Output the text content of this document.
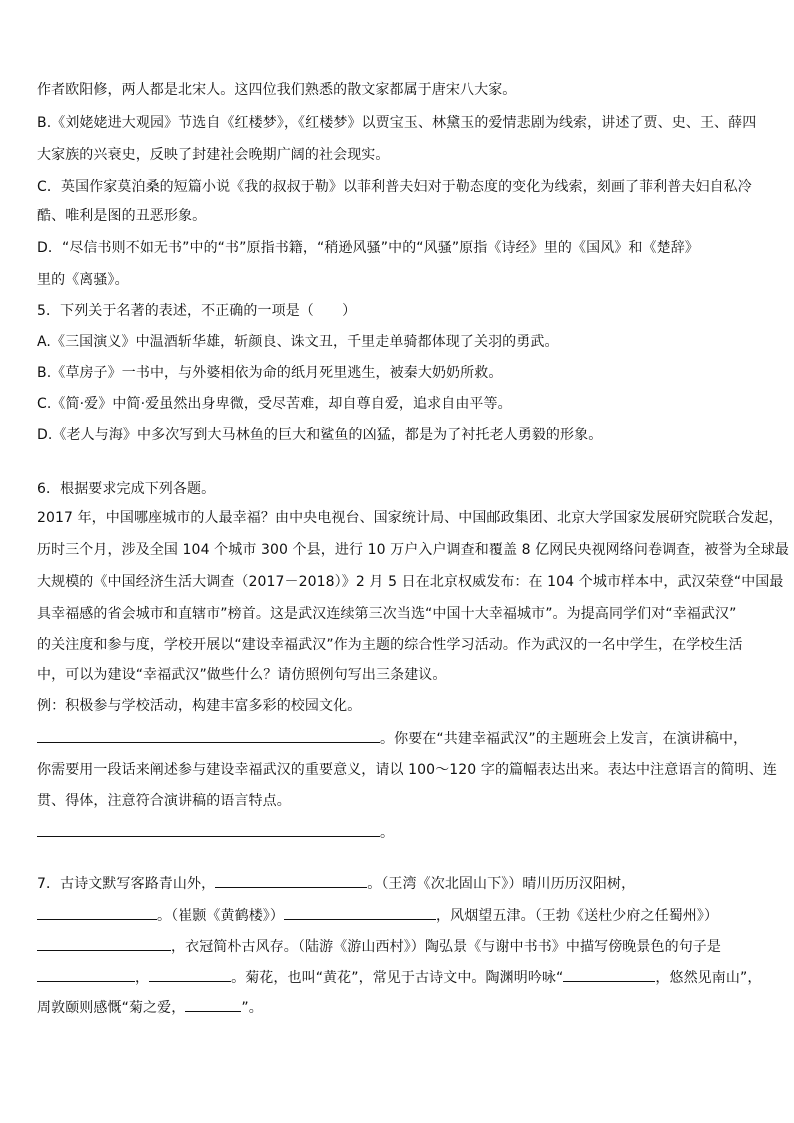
作者欧阳修，两人都是北宋人。这四位我们熟悉的散文家都属于唐宋八大家。
B.《刘姥姥进大观园》节选自《红楼梦》，《红楼梦》以贾宝玉、林黛玉的爱情悲剧为线索，讲述了贾、史、王、薛四
大家族的兴衰史，反映了封建社会晚期广阔的社会现实。
C．英国作家莫泊桑的短篇小说《我的叔叔于勒》以菲利普夫妇对于勒态度的变化为线索，刻画了菲利普夫妇自私冷
酷、唯利是图的丑恶形象。
D．“尽信书则不如无书”中的“书”原指书籍，“稍逊风骚”中的“风骚”原指《诗经》里的《国风》和《楚辞》
里的《离骚》。
5．下列关于名著的表述，不正确的一项是（　　）
A.《三国演义》中温酒斩华雄，斩颜良、诛文丑，千里走单骑都体现了关羽的勇武。
B.《草房子》一书中，与外婆相依为命的纸月死里逃生，被秦大奶奶所救。
C.《简·爱》中简·爱虽然出身卑微，受尽苦难，却自尊自爱，追求自由平等。
D.《老人与海》中多次写到大马林鱼的巨大和鲨鱼的凶猛，都是为了衬托老人勇毅的形象。
6．根据要求完成下列各题。
2017 年，中国哪座城市的人最幸福？由中央电视台、国家统计局、中国邮政集团、北京大学国家发展研究院联合发起，
历时三个月，涉及全国 104 个城市 300 个县，进行 10 万户入户调查和覆盖 8 亿网民央视网络问卷调查，被誉为全球最
大规模的《中国经济生活大调查（2017－2018）》2 月 5 日在北京权威发布：在 104 个城市样本中，武汉荣登“中国最
具幸福感的省会城市和直辖市”榜首。这是武汉连续第三次当选“中国十大幸福城市”。为提高同学们对“幸福武汉”
的关注度和参与度，学校开展以“建设幸福武汉”作为主题的综合性学习活动。作为武汉的一名中学生，在学校生活
中，可以为建设“幸福武汉”做些什么？请仿照例句写出三条建议。
例：积极参与学校活动，构建丰富多彩的校园文化。
。你要在“共建幸福武汉”的主题班会上发言，在演讲稿中，
你需要用一段话来阐述参与建设幸福武汉的重要意义，请以 100～120 字的篇幅表达出来。表达中注意语言的简明、连
贯、得体，注意符合演讲稿的语言特点。
。
7．古诗文默写客路青山外，	。（王湾《次北固山下》）晴川历历汉阳树，
。（崔颢《黄鹤楼》）	，风烟望五津。（王勃《送杜少府之任蜀州》）
，衣冠简朴古风存。（陆游《游山西村》）陶弘景《与谢中书书》中描写傍晚景色的句子是
，	。菊花，也叫“黄花”，常见于古诗文中。陶渊明吟咏“	，悠然见南山”，
周敦颐则感慨“菊之爱，	”。
